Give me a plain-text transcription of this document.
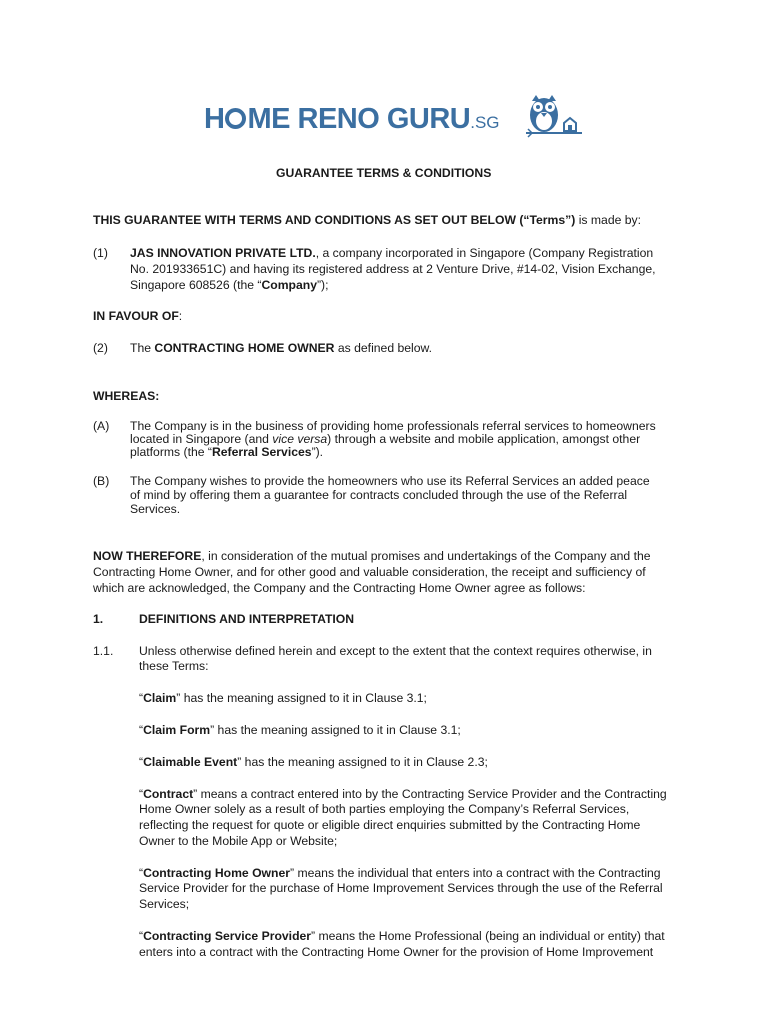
H ME RENO GURU.SG
GUARANTEE TERMS & CONDITIONS
THIS GUARANTEE WITH TERMS AND CONDITIONS AS SET OUT BELOW (“Terms”) is made by:
(1) JAS INNOVATION PRIVATE LTD., a company incorporated in Singapore (Company Registration
No. 201933651C) and having its registered address at 2 Venture Drive, #14-02, Vision Exchange,
Singapore 608526 (the “Company”);
IN FAVOUR OF:
(2) The CONTRACTING HOME OWNER as defined below.
WHEREAS:
(A) The Company is in the business of providing home professionals referral services to homeowners
located in Singapore (and vice versa) through a website and mobile application, amongst other
platforms (the “Referral Services”).
(B) The Company wishes to provide the homeowners who use its Referral Services an added peace
of mind by offering them a guarantee for contracts concluded through the use of the Referral
Services.
NOW THEREFORE, in consideration of the mutual promises and undertakings of the Company and the
Contracting Home Owner, and for other good and valuable consideration, the receipt and sufficiency of
which are acknowledged, the Company and the Contracting Home Owner agree as follows:
1.	DEFINITIONS AND INTERPRETATION
1.1. Unless otherwise defined herein and except to the extent that the context requires otherwise, in
these Terms:
“Claim” has the meaning assigned to it in Clause 3.1;
“Claim Form” has the meaning assigned to it in Clause 3.1;
“Claimable Event” has the meaning assigned to it in Clause 2.3;
“Contract” means a contract entered into by the Contracting Service Provider and the Contracting
Home Owner solely as a result of both parties employing the Company’s Referral Services,
reflecting the request for quote or eligible direct enquiries submitted by the Contracting Home
Owner to the Mobile App or Website;
“Contracting Home Owner” means the individual that enters into a contract with the Contracting
Service Provider for the purchase of Home Improvement Services through the use of the Referral
Services;
“Contracting Service Provider” means the Home Professional (being an individual or entity) that
enters into a contract with the Contracting Home Owner for the provision of Home Improvement
